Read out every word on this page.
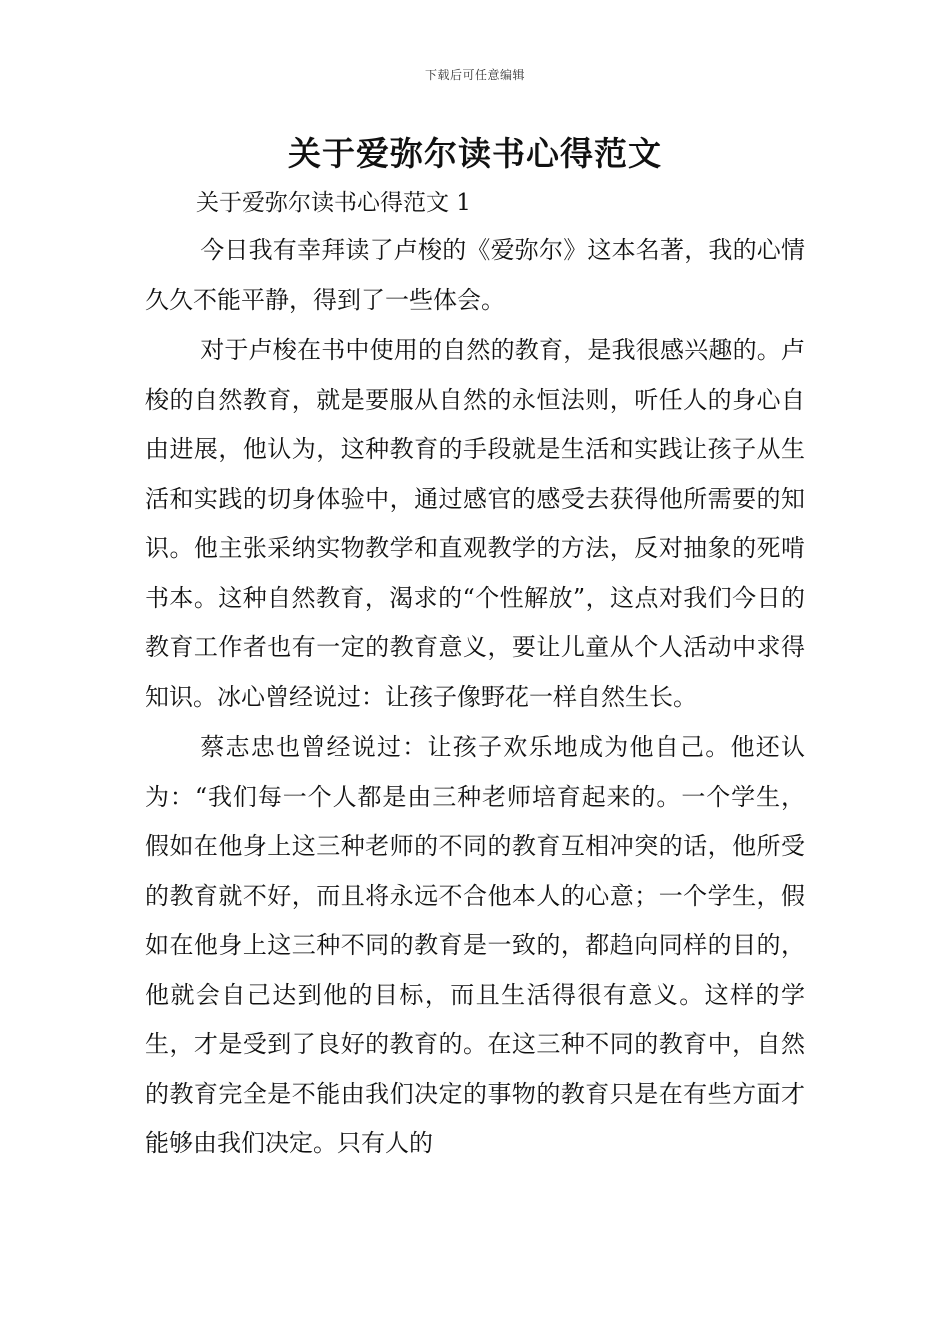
下载后可任意编辑
关于爱弥尔读书心得范文
关于爱弥尔读书心得范文 1

今日我有幸拜读了卢梭的《爱弥尔》这本名著，我的心情久久不能平静，得到了一些体会。

对于卢梭在书中使用的自然的教育，是我很感兴趣的。卢梭的自然教育，就是要服从自然的永恒法则，听任人的身心自由进展，他认为，这种教育的手段就是生活和实践让孩子从生活和实践的切身体验中，通过感官的感受去获得他所需要的知识。他主张采纳实物教学和直观教学的方法，反对抽象的死啃书本。这种自然教育，渴求的“个性解放”，这点对我们今日的教育工作者也有一定的教育意义，要让儿童从个人活动中求得知识。冰心曾经说过：让孩子像野花一样自然生长。

蔡志忠也曾经说过：让孩子欢乐地成为他自己。他还认为：“我们每一个人都是由三种老师培育起来的。一个学生，假如在他身上这三种老师的不同的教育互相冲突的话，他所受的教育就不好，而且将永远不合他本人的心意；一个学生，假如在他身上这三种不同的教育是一致的，都趋向同样的目的，他就会自己达到他的目标，而且生活得很有意义。这样的学生，才是受到了良好的教育的。在这三种不同的教育中，自然的教育完全是不能由我们决定的事物的教育只是在有些方面才能够由我们决定。只有人的
